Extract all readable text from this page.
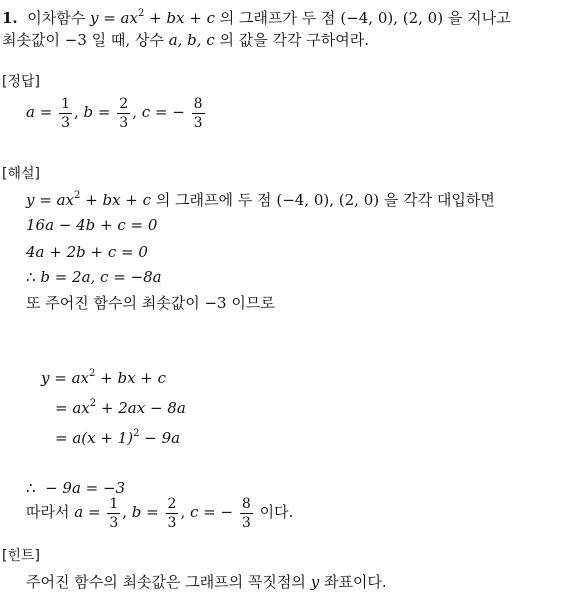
1. 이차함수 $y = ax^2$ + bx + c 의 그래프가 두 점 (−4, 0), (2, 0) 을 지나고
최솟값이 −3 일 때, 상수 a, b, c 의 값을 각각 구하여라.
[정답]
$a = \frac{1}{3}$ , $b = \frac{2}{3}$ , c = − $\frac{8}{3}$
[해설]
$y = ax^2$ + bx + c 의 그래프에 두 점 (−4, 0), (2, 0) 을 각각 대입하면
16a − 4b + c = 0
4a + 2b + c = 0
∴ b = 2a, c = −8a
또 주어진 함수의 최솟값이 −3 이므로
$y = ax^2$ + bx + c
= $ax^2 + 2ax - 8a$
= $a(x + 1)^2 - 9a$
∴ − 9a = −3
따라서 $a = \frac{1}{3}$ , $b = \frac{2}{3}$ , c = − $\frac{8}{3}$ 이다.
[힌트]
주어진 함수의 최솟값은 그래프의 꼭짓점의 y 좌표이다.
